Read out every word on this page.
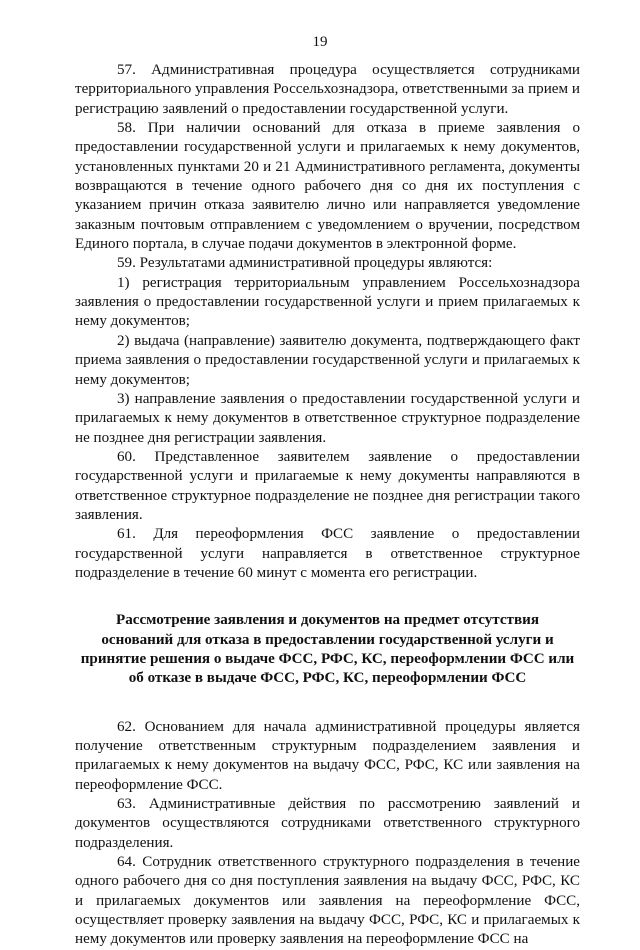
19

57. Административная процедура осуществляется сотрудниками территориального управления Россельхознадзора, ответственными за прием и регистрацию заявлений о предоставлении государственной услуги.

58. При наличии оснований для отказа в приеме заявления о предоставлении государственной услуги и прилагаемых к нему документов, установленных пунктами 20 и 21 Административного регламента, документы возвращаются в течение одного рабочего дня со дня их поступления с указанием причин отказа заявителю лично или направляется уведомление заказным почтовым отправлением с уведомлением о вручении, посредством Единого портала, в случае подачи документов в электронной форме.

59. Результатами административной процедуры являются:

1) регистрация территориальным управлением Россельхознадзора заявления о предоставлении государственной услуги и прием прилагаемых к нему документов;

2) выдача (направление) заявителю документа, подтверждающего факт приема заявления о предоставлении государственной услуги и прилагаемых к нему документов;

3) направление заявления о предоставлении государственной услуги и прилагаемых к нему документов в ответственное структурное подразделение не позднее дня регистрации заявления.

60. Представленное заявителем заявление о предоставлении государственной услуги и прилагаемые к нему документы направляются в ответственное структурное подразделение не позднее дня регистрации такого заявления.

61. Для переоформления ФСС заявление о предоставлении государственной услуги направляется в ответственное структурное подразделение в течение 60 минут с момента его регистрации.

Рассмотрение заявления и документов на предмет отсутствия оснований для отказа в предоставлении государственной услуги и принятие решения о выдаче ФСС, РФС, КС, переоформлении ФСС или об отказе в выдаче ФСС, РФС, КС, переоформлении ФСС

62. Основанием для начала административной процедуры является получение ответственным структурным подразделением заявления и прилагаемых к нему документов на выдачу ФСС, РФС, КС или заявления на переоформление ФСС.

63. Административные действия по рассмотрению заявлений и документов осуществляются сотрудниками ответственного структурного подразделения.

64. Сотрудник ответственного структурного подразделения в течение одного рабочего дня со дня поступления заявления на выдачу ФСС, РФС, КС и прилагаемых документов или заявления на переоформление ФСС, осуществляет проверку заявления на выдачу ФСС, РФС, КС и прилагаемых к нему документов или проверку заявления на переоформление ФСС на
